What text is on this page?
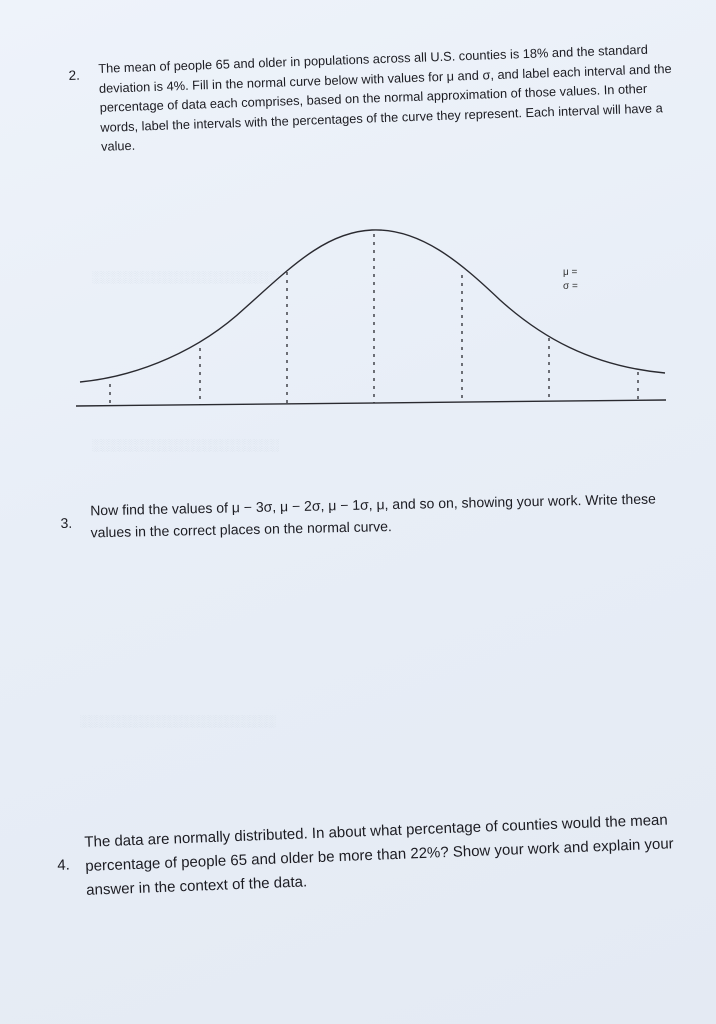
░░░░░░░░░░░░░░░░░░░░░░
░░░░░░░░░░░░░░░░░░░░░░
░░░░░░░░░░░░░░░░░░░░░░░
2. The mean of people 65 and older in populations across all U.S. counties is 18% and the standard deviation is 4%. Fill in the normal curve below with values for μ and σ, and label each interval and the percentage of data each comprises, based on the normal approximation of those values. In other words, label the intervals with the percentages of the curve they represent. Each interval will have a value.
μ =
σ =
3.
Now find the values of μ − 3σ, μ − 2σ, μ − 1σ, μ, and so on, showing your work. Write these values in the correct places on the normal curve.
4.
The data are normally distributed. In about what percentage of counties would the mean percentage of people 65 and older be more than 22%? Show your work and explain your answer in the context of the data.
